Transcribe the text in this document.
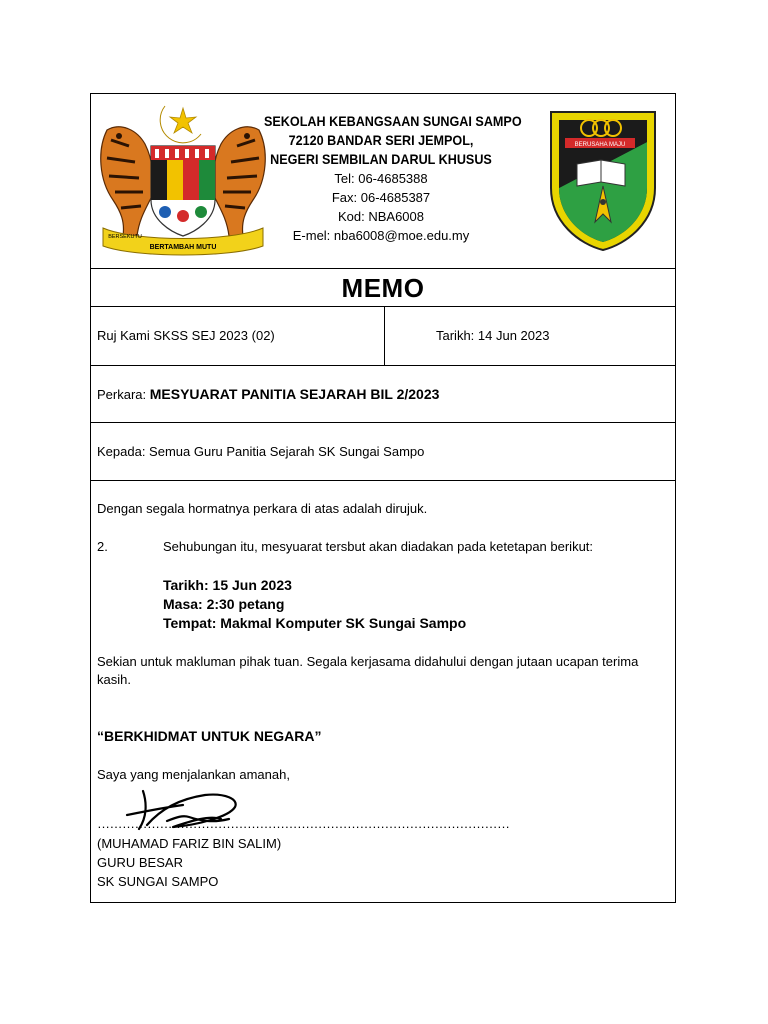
BERTAMBAH MUTU
BERSEKUTU
SEKOLAH KEBANGSAAN SUNGAI SAMPO
72120 BANDAR SERI JEMPOL,
NEGERI SEMBILAN DARUL KHUSUS
Tel: 06-4685388
Fax: 06-4685387
Kod: NBA6008
E-mel: nba6008@moe.edu.my
BERUSAHA MAJU
MEMO
Ruj Kami SKSS SEJ 2023 (02)	Tarikh: 14 Jun 2023
Perkara: MESYUARAT PANITIA SEJARAH BIL 2/2023
Kepada: Semua Guru Panitia Sejarah SK Sungai Sampo
Dengan segala hormatnya perkara di atas adalah dirujuk.
2.	Sehubungan itu, mesyuarat tersbut akan diadakan pada ketetapan berikut:
Tarikh: 15 Jun 2023
Masa: 2:30 petang
Tempat: Makmal Komputer SK Sungai Sampo
Sekian untuk makluman pihak tuan. Segala kerjasama didahului dengan jutaan ucapan terima
kasih.
“BERKHIDMAT UNTUK NEGARA”
Saya yang menjalankan amanah,
………………………………………………………………………………………
(MUHAMAD FARIZ BIN SALIM)
GURU BESAR
SK SUNGAI SAMPO
